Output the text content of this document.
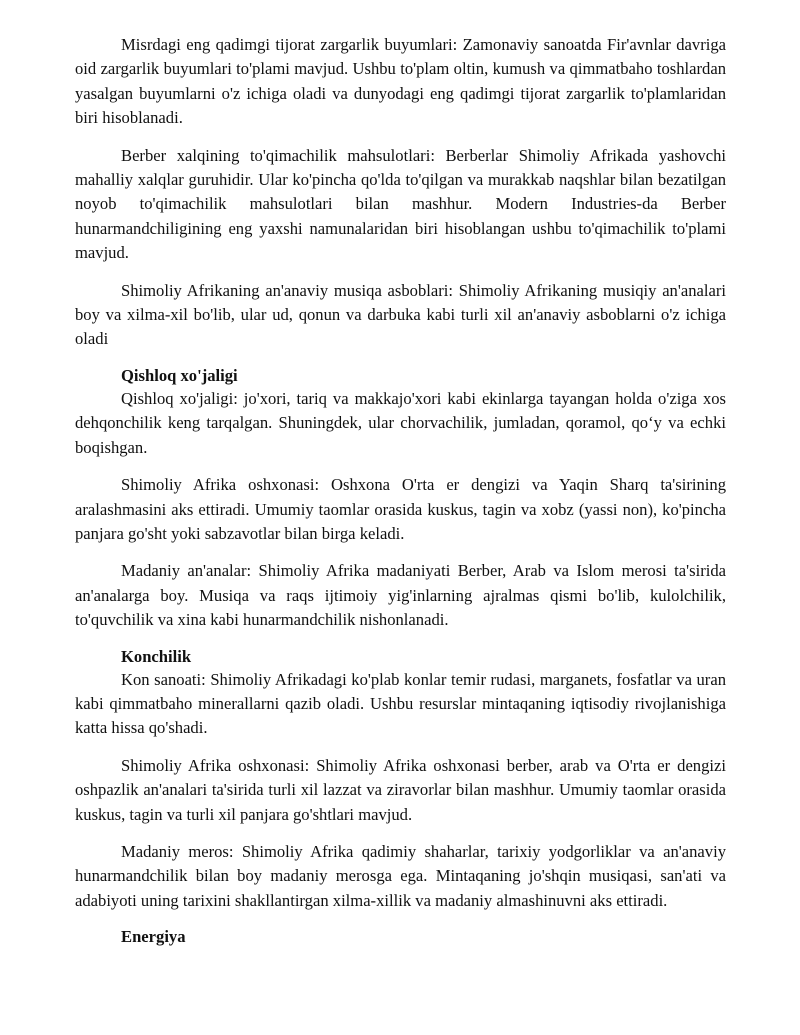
Misrdagi eng qadimgi tijorat zargarlik buyumlari: Zamonaviy sanoatda Fir'avnlar davriga oid zargarlik buyumlari to'plami mavjud. Ushbu to'plam oltin, kumush va qimmatbaho toshlardan yasalgan buyumlarni o'z ichiga oladi va dunyodagi eng qadimgi tijorat zargarlik to'plamlaridan biri hisoblanadi.

Berber xalqining to'qimachilik mahsulotlari: Berberlar Shimoliy Afrikada yashovchi mahalliy xalqlar guruhidir. Ular ko'pincha qo'lda to'qilgan va murakkab naqshlar bilan bezatilgan noyob to'qimachilik mahsulotlari bilan mashhur. Modern Industries-da Berber hunarmandchiligining eng yaxshi namunalaridan biri hisoblangan ushbu to'qimachilik to'plami mavjud.

Shimoliy Afrikaning an'anaviy musiqa asboblari: Shimoliy Afrikaning musiqiy an'analari boy va xilma-xil bo'lib, ular ud, qonun va darbuka kabi turli xil an'anaviy asboblarni o'z ichiga oladi

Qishloq xo'jaligi

Qishloq xo'jaligi: jo'xori, tariq va makkajo'xori kabi ekinlarga tayangan holda o'ziga xos dehqonchilik keng tarqalgan. Shuningdek, ular chorvachilik, jumladan, qoramol, qo‘y va echki boqishgan.

Shimoliy Afrika oshxonasi: Oshxona O'rta er dengizi va Yaqin Sharq ta'sirining aralashmasini aks ettiradi. Umumiy taomlar orasida kuskus, tagin va xobz (yassi non), ko'pincha panjara go'sht yoki sabzavotlar bilan birga keladi.

Madaniy an'analar: Shimoliy Afrika madaniyati Berber, Arab va Islom merosi ta'sirida an'analarga boy. Musiqa va raqs ijtimoiy yig'inlarning ajralmas qismi bo'lib, kulolchilik, to'quvchilik va xina kabi hunarmandchilik nishonlanadi.

Konchilik

Kon sanoati: Shimoliy Afrikadagi ko'plab konlar temir rudasi, marganets, fosfatlar va uran kabi qimmatbaho minerallarni qazib oladi. Ushbu resurslar mintaqaning iqtisodiy rivojlanishiga katta hissa qo'shadi.

Shimoliy Afrika oshxonasi: Shimoliy Afrika oshxonasi berber, arab va O'rta er dengizi oshpazlik an'analari ta'sirida turli xil lazzat va ziravorlar bilan mashhur. Umumiy taomlar orasida kuskus, tagin va turli xil panjara go'shtlari mavjud.

Madaniy meros: Shimoliy Afrika qadimiy shaharlar, tarixiy yodgorliklar va an'anaviy hunarmandchilik bilan boy madaniy merosga ega. Mintaqaning jo'shqin musiqasi, san'ati va adabiyoti uning tarixini shakllantirgan xilma-xillik va madaniy almashinuvni aks ettiradi.

Energiya
